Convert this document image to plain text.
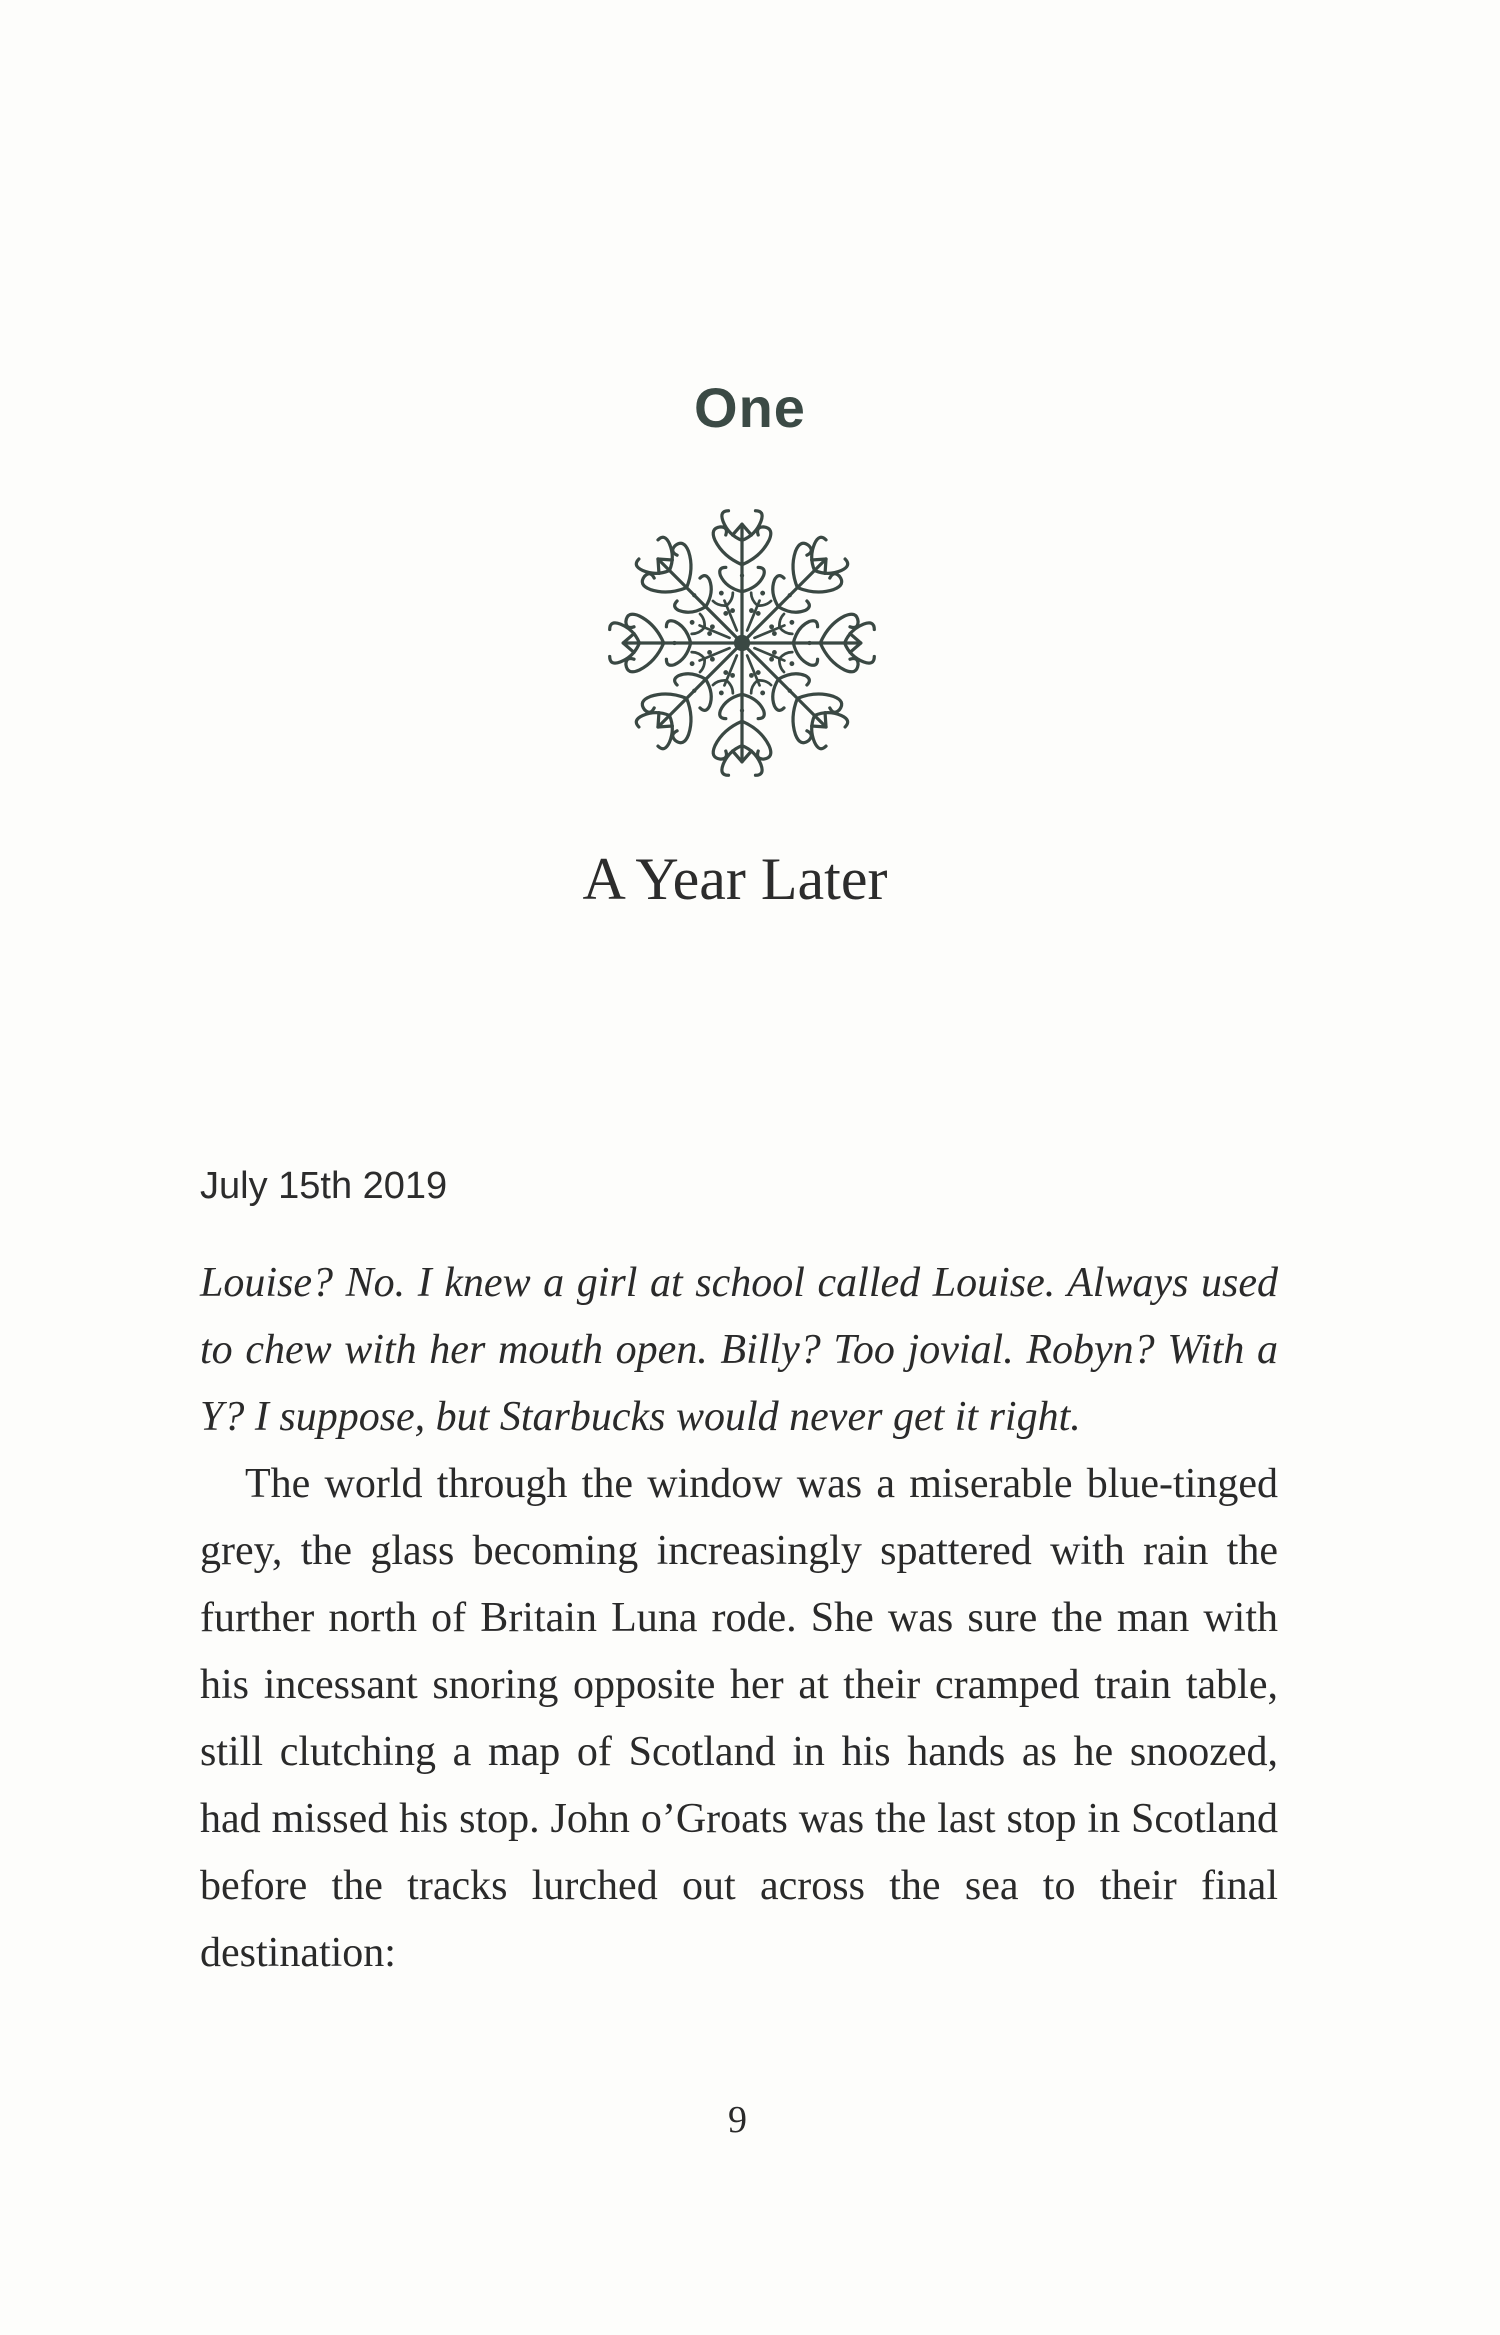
One
A Year Later
July 15th 2019

Louise? No. I knew a girl at school called Louise. Always used to chew with her mouth open. Billy? Too jovial. Robyn? With a Y? I suppose, but Starbucks would never get it right.

The world through the window was a miserable blue-tinged grey, the glass becoming increasingly spattered with rain the further north of Britain Luna rode. She was sure the man with his incessant snoring opposite her at their cramped train table, still clutching a map of Scotland in his hands as he snoozed, had missed his stop. John o’Groats was the last stop in Scotland before the tracks lurched out across the sea to their final destination:

9
